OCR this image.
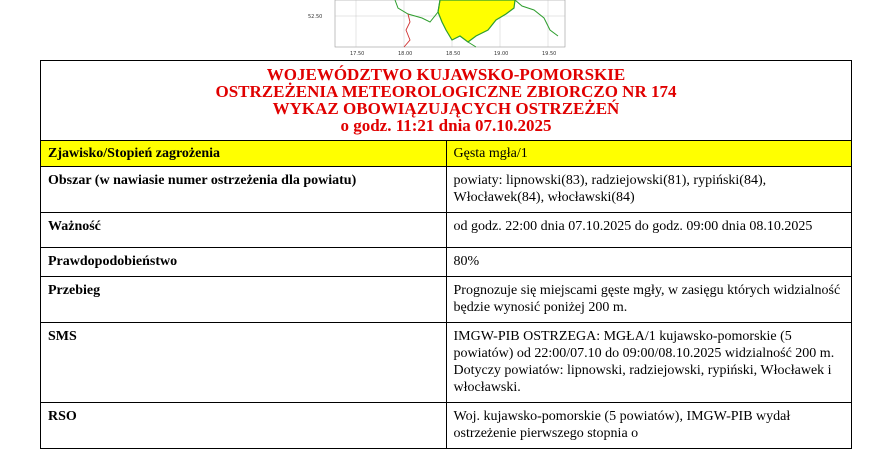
52.50
17.50	18.00	18.50	19.00	19.50
WOJEWÓDZTWO KUJAWSKO-POMORSKIE
OSTRZEŻENIA METEOROLOGICZNE ZBIORCZO NR 174
WYKAZ OBOWIĄZUJĄCYCH OSTRZEŻEŃ
o godz. 11:21 dnia 07.10.2025	

Zjawisko/Stopień zagrożenia	Gęsta mgła/1
Obszar (w nawiasie numer ostrzeżenia dla powiatu)	powiaty: lipnowski(83), radziejowski(81), rypiński(84), Włocławek(84), włocławski(84)
Ważność	od godz. 22:00 dnia 07.10.2025 do godz. 09:00 dnia 08.10.2025
Prawdopodobieństwo	80%
Przebieg	Prognozuje się miejscami gęste mgły, w zasięgu których widzialność będzie wynosić poniżej 200 m.
SMS	IMGW-PIB OSTRZEGA: MGŁA/1 kujawsko-pomorskie (5 powiatów) od 22:00/07.10 do 09:00/08.10.2025 widzialność 200 m. Dotyczy powiatów: lipnowski, radziejowski, rypiński, Włocławek i włocławski.
RSO	Woj. kujawsko-pomorskie (5 powiatów), IMGW-PIB wydał ostrzeżenie pierwszego stopnia o
